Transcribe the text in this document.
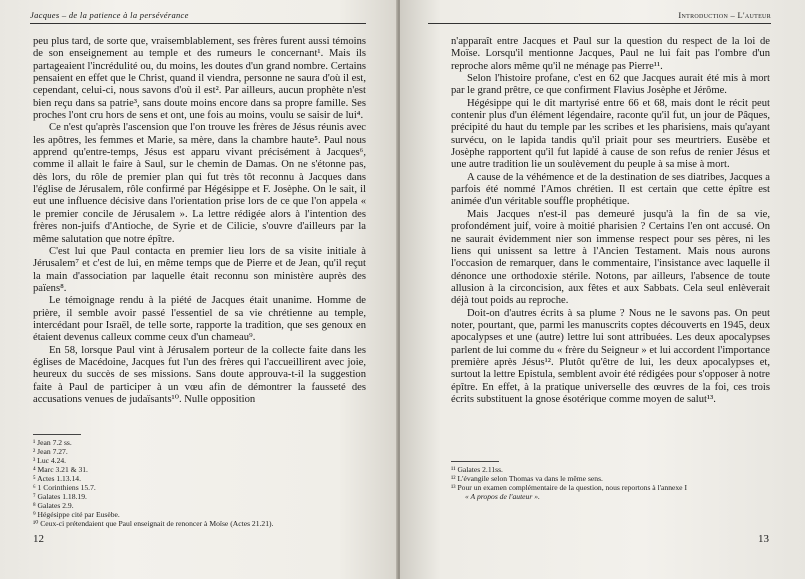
Jacques – de la patience à la persévérance

peu plus tard, de sorte que, vraisemblablement, ses frères furent aussi témoins de son enseignement au temple et des rumeurs le concernant¹. Mais ils partageaient l'incrédulité ou, du moins, les doutes d'un grand nombre. Certains pensaient en effet que le Christ, quand il viendra, personne ne saura d'où il est, cependant, celui-ci, nous savons d'où il est². Par ailleurs, aucun prophète n'est bien reçu dans sa patrie³, sans doute moins encore dans sa propre famille. Ses proches l'ont cru hors de sens et ont, une fois au moins, voulu se saisir de lui⁴.

Ce n'est qu'après l'ascension que l'on trouve les frères de Jésus réunis avec les apôtres, les femmes et Marie, sa mère, dans la chambre haute⁵. Paul nous apprend qu'entre-temps, Jésus est apparu vivant précisément à Jacques⁶, comme il allait le faire à Saul, sur le chemin de Damas. On ne s'étonne pas, dès lors, du rôle de premier plan qui fut très tôt reconnu à Jacques dans l'église de Jérusalem, rôle confirmé par Hégésippe et F. Josèphe. On le sait, il eut une influence décisive dans l'orientation prise lors de ce que l'on appela « le premier concile de Jérusalem ». La lettre rédigée alors à l'intention des frères non-juifs d'Antioche, de Syrie et de Cilicie, s'ouvre d'ailleurs par la même salutation que notre épître.

C'est lui que Paul contacta en premier lieu lors de sa visite initiale à Jérusalem⁷ et c'est de lui, en même temps que de Pierre et de Jean, qu'il reçut la main d'association par laquelle était reconnu son ministère auprès des païens⁸.

Le témoignage rendu à la piété de Jacques était unanime. Homme de prière, il semble avoir passé l'essentiel de sa vie chrétienne au temple, intercédant pour Israël, de telle sorte, rapporte la tradition, que ses genoux en étaient devenus calleux comme ceux d'un chameau⁹.

En 58, lorsque Paul vint à Jérusalem porteur de la collecte faite dans les églises de Macédoine, Jacques fut l'un des frères qui l'accueillirent avec joie, heureux du succès de ses missions. Sans doute approuva-t-il la suggestion faite à Paul de participer à un vœu afin de démontrer la fausseté des accusations venues de judaïsants¹⁰. Nulle opposition

¹ Jean 7.2 ss.
² Jean 7.27.
³ Luc 4.24.
⁴ Marc 3.21 & 31.
⁵ Actes 1.13.14.
⁶ 1 Corinthiens 15.7.
⁷ Galates 1.18.19.
⁸ Galates 2.9.
⁹ Hégésippe cité par Eusèbe.
¹⁰ Ceux-ci prétendaient que Paul enseignait de renoncer à Moïse (Actes 21.21).
12
Introduction – L'auteur

n'apparaît entre Jacques et Paul sur la question du respect de la loi de Moïse. Lorsqu'il mentionne Jacques, Paul ne lui fait pas l'ombre d'un reproche alors même qu'il ne ménage pas Pierre¹¹.

Selon l'histoire profane, c'est en 62 que Jacques aurait été mis à mort par le grand prêtre, ce que confirment Flavius Josèphe et Jérôme.

Hégésippe qui le dit martyrisé entre 66 et 68, mais dont le récit peut contenir plus d'un élément légendaire, raconte qu'il fut, un jour de Pâques, précipité du haut du temple par les scribes et les pharisiens, mais qu'ayant survécu, on le lapida tandis qu'il priait pour ses meurtriers. Eusèbe et Josèphe rapportent qu'il fut lapidé à cause de son refus de renier Jésus et une autre tradition lie un soulèvement du peuple à sa mise à mort.

A cause de la véhémence et de la destination de ses diatribes, Jacques a parfois été nommé l'Amos chrétien. Il est certain que cette épître est animée d'un véritable souffle prophétique.

Mais Jacques n'est-il pas demeuré jusqu'à la fin de sa vie, profondément juif, voire à moitié pharisien ? Certains l'en ont accusé. On ne saurait évidemment nier son immense respect pour ses pères, ni les liens qui unissent sa lettre à l'Ancien Testament. Mais nous aurons l'occasion de remarquer, dans le commentaire, l'insistance avec laquelle il dénonce une orthodoxie stérile. Notons, par ailleurs, l'absence de toute allusion à la circoncision, aux fêtes et aux Sabbats. Cela seul enlèverait déjà tout poids au reproche.

Doit-on d'autres écrits à sa plume ? Nous ne le savons pas. On peut noter, pourtant, que, parmi les manuscrits coptes découverts en 1945, deux apocalypses et une (autre) lettre lui sont attribuées. Les deux apocalypses parlent de lui comme du « frère du Seigneur » et lui accordent l'importance première après Jésus¹². Plutôt qu'être de lui, les deux apocalypses et, surtout la lettre Epistula, semblent avoir été rédigées pour s'opposer à notre épître. En effet, à la pratique universelle des œuvres de la foi, ces trois écrits substituent la gnose ésotérique comme moyen de salut¹³.

¹¹ Galates 2.11ss.
¹² L'évangile selon Thomas va dans le même sens.
¹³ Pour un examen complémentaire de la question, nous reportons à l'annexe I
« A propos de l'auteur ».
13
